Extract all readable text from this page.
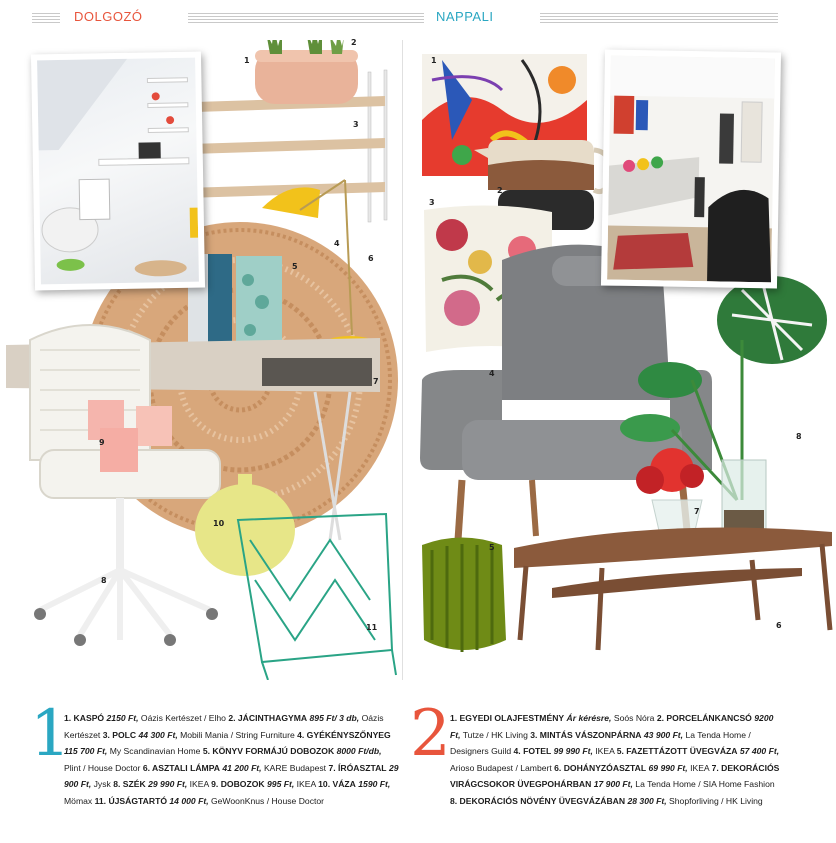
DOLGOZÓ	NAPPALI
1
2
3
4
5
6
7
8
9
10
11
1
2
3
4
5
6
7
8
1
1. KASPÓ 2150 Ft, Oázis Kertészet / Elho 2. JÁCINTHAGYMA 895 Ft/ 3 db, Oázis Kertészet 3. POLC 44 300 Ft, Mobili Mania / String Furniture 4. GYÉKÉNYSZŐNYEG 115 700 Ft, My Scandinavian Home 5. KÖNYV FORMÁJÚ DOBOZOK 8000 Ft/db, Plint / House Doctor 6. ASZTALI LÁMPA 41 200 Ft, KARE Budapest 7. ÍRÓASZTAL 29 900 Ft, Jysk 8. SZÉK 29 990 Ft, IKEA 9. DOBOZOK 995 Ft, IKEA 10. VÁZA 1590 Ft, Mömax 11. ÚJSÁGTARTÓ 14 000 Ft, GeWoonKnus / House Doctor
2 1. EGYEDI OLAJFESTMÉNY Ár kérésre, Soós Nóra 2. PORCELÁNKANCSÓ 9200 Ft, Tutze / HK Living 3. MINTÁS VÁSZONPÁRNA 43 900 Ft, La Tenda Home / Designers Guild 4. FOTEL 99 990 Ft, IKEA 5. FAZETTÁZOTT ÜVEGVÁZA 57 400 Ft, Arioso Budapest / Lambert 6. DOHÁNYZÓASZTAL 69 990 Ft, IKEA 7. DEKORÁCIÓS VIRÁGCSOKOR ÜVEGPOHÁRBAN 17 900 Ft, La Tenda Home / SIA Home Fashion 8. DEKORÁCIÓS NÖVÉNY ÜVEGVÁZÁBAN 28 300 Ft, Shopforliving / HK Living
